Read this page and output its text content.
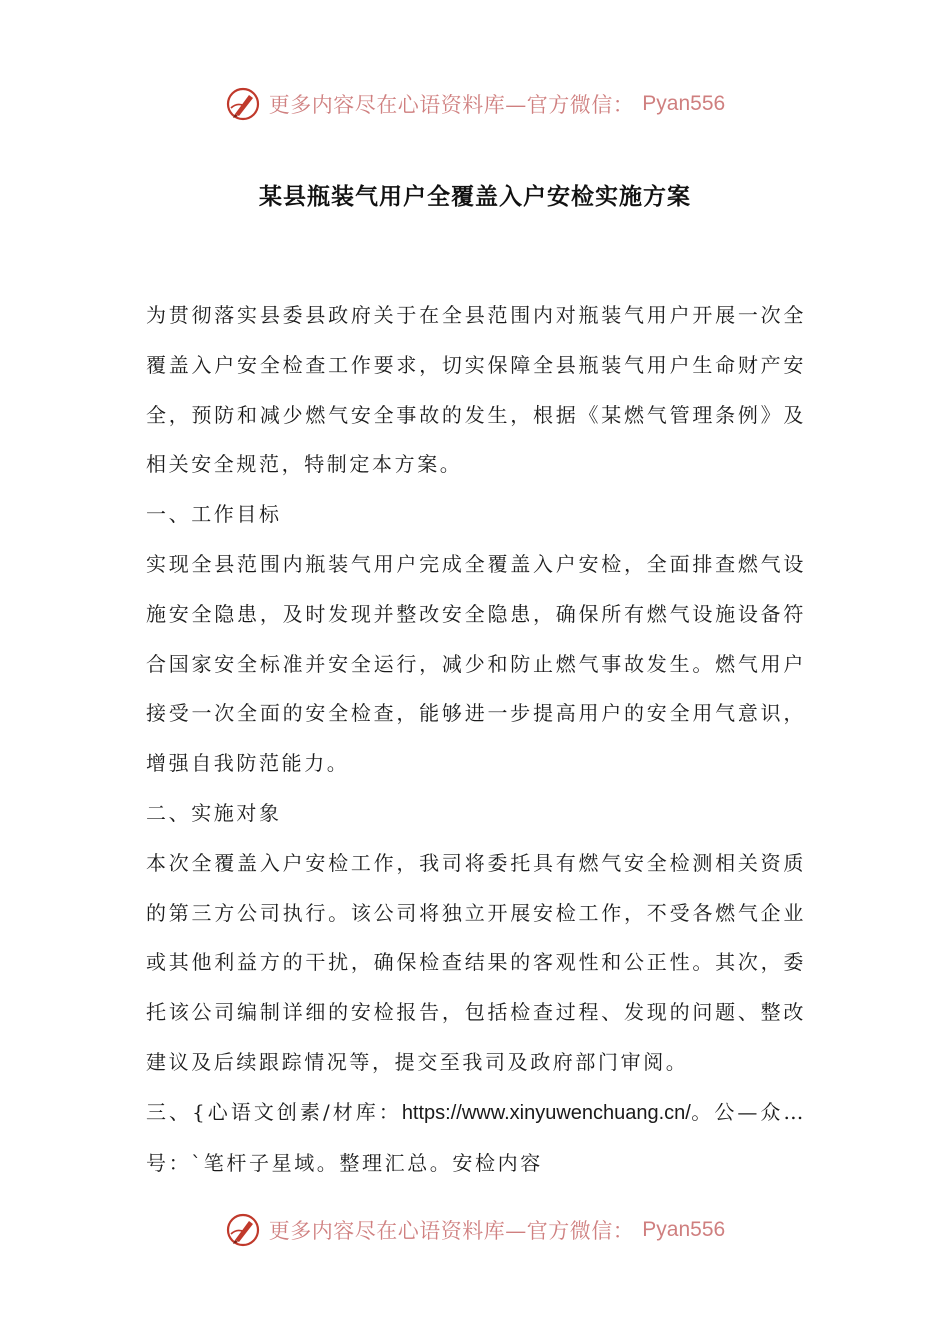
更多内容尽在心语资料库—官方微信： Pyan556
某县瓶装气用户全覆盖入户安检实施方案

为贯彻落实县委县政府关于在全县范围内对瓶装气用户开展一次全覆盖入户安全检查工作要求，切实保障全县瓶装气用户生命财产安全，预防和减少燃气安全事故的发生，根据《某燃气管理条例》及相关安全规范，特制定本方案。

一、工作目标

实现全县范围内瓶装气用户完成全覆盖入户安检，全面排查燃气设施安全隐患，及时发现并整改安全隐患，确保所有燃气设施设备符合国家安全标准并安全运行，减少和防止燃气事故发生。燃气用户接受一次全面的安全检查，能够进一步提高用户的安全用气意识，增强自我防范能力。

二、实施对象

本次全覆盖入户安检工作，我司将委托具有燃气安全检测相关资质的第三方公司执行。该公司将独立开展安检工作，不受各燃气企业或其他利益方的干扰，确保检查结果的客观性和公正性。其次，委托该公司编制详细的安检报告，包括检查过程、发现的问题、整改建议及后续跟踪情况等，提交至我司及政府部门审阅。

三、{心语文创素/材库：https://www.xinyuwenchuang.cn/。公—众…号：`笔杆子星域。整理汇总。安检内容

更多内容尽在心语资料库—官方微信： Pyan556
